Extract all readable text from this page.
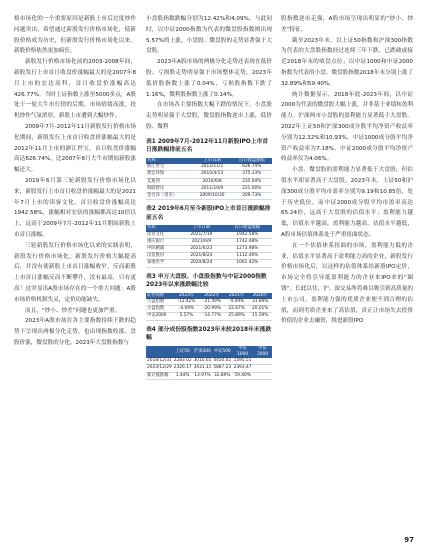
格市场化的一个重要原因是新股上市后过度炒作问题突出，希望通过新股发行价格市场化，使新股价格成为历史，但新股发行价格市场化以来，新股价格依然更加疯狂。

新股发行价格市场化前的2003-2008年间，新股发行上市首日收盘价涨幅最大的是2007年8月上市的宏达高科，首日收盘价涨幅高达426.77%。当时上证指数上涨至5000多点，A股处于一轮大牛市行情的后期，市场情绪高涨，投机炒作气氛浓厚，新股上市遭到大幅炒作。

2009年7月-2012年11月新股发行价格市场化期间，新股发行上市首日收盘价涨幅最大的是2012年11月上市的浙江世宝，首日收盘价涨幅高达626.74%，比2007年8月大牛市期间新股涨幅还大。

2019年6月第三轮新股发行价格市场化以来，新股发行上市首日收盘价涨幅最大的是2021年7月上市的读客文化，首日收盘价涨幅高达1942.58%，涨幅相对宏伍的涨幅都高达10倍以上，远高于2009年7月-2012年11月期间新股上市首日涨幅。

三轮新股发行价格市场化以来的实践表明，新股发行价格市场化，新股发行价格大幅提高后，并没有使新股上市首日涨幅收窄，反而新股上市首日涨幅反而不断攀升，没有最高，只有更高！这突显出A股市场存在的一个重大问题：A股市场价格机制失灵，定价功能缺失。

而且，“炒小、炒差”问题也更加严重。

2023年A股市场在各主要指数持续下跌的趋势下呈现出两极分化走势，也出现指数收涨、盘股价涨，微盘股的分化。2023年大盘股指数与

小盘股指数跌幅分别为12.42%和4.09%，与此同时，以中证2000指数为代表的微盘股指数则出现5.57%的上涨，小盘股、微盘股的走势显著强于大盘股。

2023年A股市场的两极分化走势还表现在低价股、亏损股走势明显强于市场整体走势，2023年低价股指数上涨了0.04%，亏损股指数下跌了1.16%，微利股指数上涨了0.14%。

在市场各主要指数大幅下跌的情况下，小盘股走势明显强于大盘股，微盘股指数逆市上涨，低价股、微利

表1 2009年7月-2012年11月新股IPO上市首日涨跌幅排前五名
名称	上市日期	首日收盘涨幅
浙江世宝	2012/11/2	626.74%
新宏环保	2010/4/13	375.33%
艾迪西	2010/6/8	235.04%
海联智达	2011/10/9	221.00%
金百泽（退市）	2009/10/30	209.73%
表2 2019年6月至今新股IPO上市首日涨跌幅排前五名
名称	上市日期	首日收盘涨幅
读客文化	2021/7/19	1942.58%
重庆银行	2021/6/9	1742.48%
中际精器	2021/6/23	1273.98%
汉仪股份	2021/8/24	1112.46%
泰康医学	2020/8/24	1061.42%
表3 申万大盘股、小盘股指数与中证2000指数2023年以来涨跌幅比较
证券简称	2023年	2022年	2021年	2020年
大盘指数	-12.42%	-21.49%	-4.49%	31.89%
小盘指数	-4.09%	-20.99%	22.67%	20.01%
中证2000	5.57%	-14.77%	25.89%	15.59%
表4 部分成份股指数2023年末较2018年末涨跌幅
	上证50	沪深300	中证500	中证1000	中证2000
2018/12/31	2283.02	3010.65	4450.02	1595.51	
2023/12/29	2326.17	3431.11	5887.23	2393.47	
累计涨跌幅	1.44%	13.97%	32.89%	59.40%	

股指数逆市走强，A股市场呈现出明显的“炒小、炒差”特征。

截至2023年末，以上证50指数和沪深300指数为代表的大盘股指数经过连续三年下跌，已跌破或接近2018年末的收盘点位；以中证1000和中证2000指数为代表的小盘、微盘股指数2018年末分别上涨了32.89%和59.40%。

统计数据显示，2018年底-2023年间，以中证2000为代表的微盘股大幅上涨，并非基于业绩和盈利能力。沪深两市小盘股的盈利能力显著低于大盘股。2022年上证50和沪深300成分股平均净资产收益率分别为12.32%和10.93%，中证1000成分股平均净资产收益率为7.18%，中证2000成分股平均净资产收益率仅为4.06%。

小盘、微盘股的盈利能力显著低于大盘股，但估值水平却显著高于大盘股。2023年末，上证50和沪深300成分股平均市盈率分别为9.19和10.85倍，处于历史低位，而中证2000成分股平均市盈率高达65.24倍，远高于大盘股的估值水平；盈利能力越低，估值水平越高，盈利能力越高，估值水平越低，A股市场估值体系处于严重扭曲状态。

在一个估值体系扭曲的市场，盈利能力低的企业，估值水平显著高于盈利能力高的企业，新股发行价格市场化后，以这样的估值体系给新股IPO定价，市场完全将引导低盈利能力的企业来IPO来的“圈钱”。长此以往，沪、深交易所将难以吸引到高质量的上市公司，盈利能力强的优质企业便不到合理的估值，而到劣质企业来了高估值，真正让市场失去投资价值的企业去融资，推进新股IPO

97
